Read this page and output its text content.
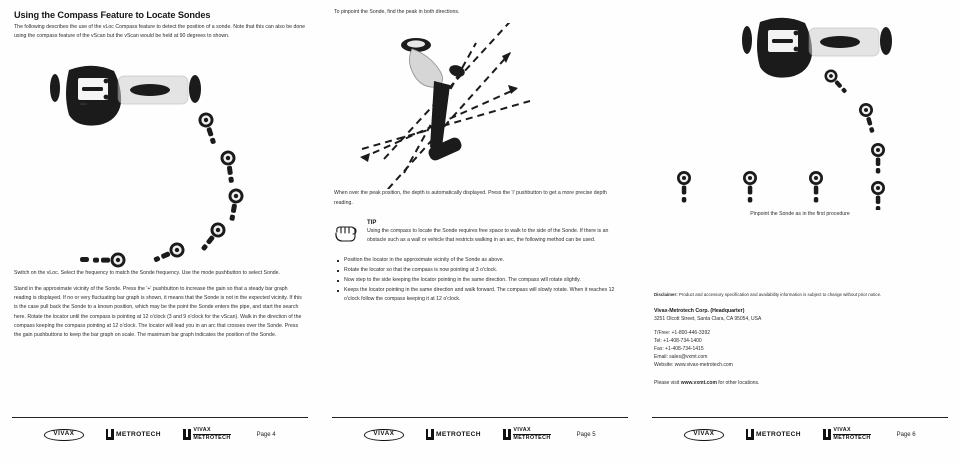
Using the Compass Feature to Locate Sondes
The following describes the use of the vLoc Compass feature to detect the position of a sonde. Note that this can also be done using the compass feature of the vScan but the vScan would be held at 90 degrees to shown.
vLoc
Switch on the vLoc. Select the frequency to match the Sonde frequency. Use the mode pushbutton to select Sonde.
Stand in the approximate vicinity of the Sonde. Press the '+' pushbutton to increase the gain so that a steady bar graph reading is displayed. If no or very fluctuating bar graph is shown, it means that the Sonde is not in the expected vicinity. If this is the case pull back the Sonde to a known position, which may be the point the Sonde enters the pipe, and start the search here. Rotate the locator until the compass is pointing at 12 o'clock (3 and 9 o'clock for the vScan). Walk in the direction of the compass keeping the compass pointing at 12 o'clock. The locator will lead you in an arc that crosses over the Sonde. Press the gain pushbuttons to keep the bar graph on scale. The maximum bar graph indicates the position of the Sonde.
VIVAX	METROTECH
VIVAX
METROTECH
Page 4
To pinpoint the Sonde, find the peak in both directions.
When over the peak position, the depth is automatically displayed. Press the 'i' pushbutton to get a more precise depth reading.
TIP
Using the compass to locate the Sonde requires free space to walk to the side of the Sonde. If there is an obstacle such as a wall or vehicle that restricts walking in an arc, the following method can be used.
Position the locator in the approximate vicinity of the Sonde as above.
Rotate the locator so that the compass is now pointing at 3 o'clock.
Now step to the side keeping the locator pointing in the same direction. The compass will rotate slightly.
Keeps the locator pointing in the same direction and walk forward. The compass will slowly rotate. When it reaches 12 o'clock follow the compass keeping it at 12 o'clock.
VIVAX	METROTECH
VIVAX
METROTECH
Page 5
Pinpoint the Sonde as in the first procedure
Disclaimer: Product and accessory specification and availability information is subject to change without prior notice.
Vivax-Metrotech Corp. (Headquarter)
3251 Olcott Street, Santa Clara, CA 95054, USA
T/Free: +1-800-446-3392
Tel: +1-408-734-1400
Fax: +1-408-734-1415
Email: sales@vxmt.com
Website: www.vivax-metrotech.com
Please visit www.vxmt.com for other locations.
VIVAX	METROTECH
VIVAX
METROTECH
Page 6
